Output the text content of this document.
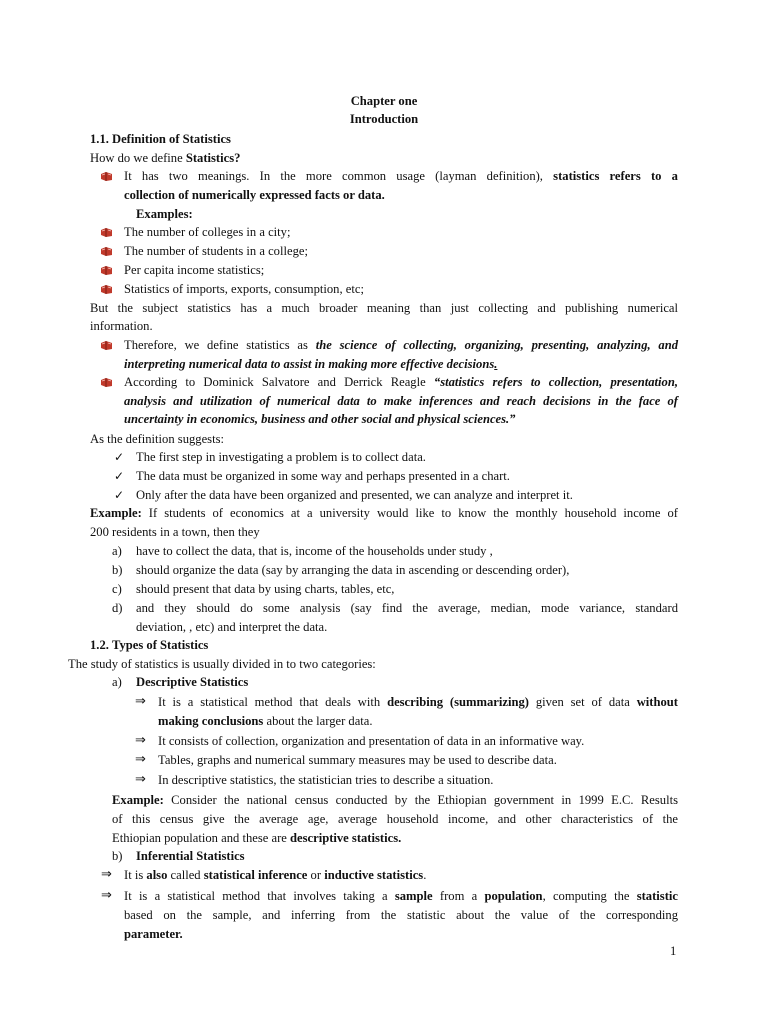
Chapter one
Introduction
1.1. Definition of Statistics
How do we define Statistics?
It has two meanings. In the more common usage (layman definition), statistics refers to a
collection of numerically expressed facts or data.
Examples:
The number of colleges in a city;
The number of students in a college;
Per capita income statistics;
Statistics of imports, exports, consumption, etc;
But the subject statistics has a much broader meaning than just collecting and publishing numerical
information.
Therefore, we define statistics as the science of collecting, organizing, presenting, analyzing, and
interpreting numerical data to assist in making more effective decisions.
According to Dominick Salvatore and Derrick Reagle “statistics refers to collection, presentation,
analysis and utilization of numerical data to make inferences and reach decisions in the face of
uncertainty in economics, business and other social and physical sciences.”
As the definition suggests:
✓ The first step in investigating a problem is to collect data.
✓ The data must be organized in some way and perhaps presented in a chart.
✓ Only after the data have been organized and presented, we can analyze and interpret it.
Example: If students of economics at a university would like to know the monthly household income of
200 residents in a town, then they
a) have to collect the data, that is, income of the households under study ,
b) should organize the data (say by arranging the data in ascending or descending order),
c) should present that data by using charts, tables, etc,
d) and they should do some analysis (say find the average, median, mode variance, standard
deviation, , etc) and interpret the data.
1.2. Types of Statistics
The study of statistics is usually divided in to two categories:
a) Descriptive Statistics
⇒ It is a statistical method that deals with describing (summarizing) given set of data without
making conclusions about the larger data.
⇒ It consists of collection, organization and presentation of data in an informative way.
⇒ Tables, graphs and numerical summary measures may be used to describe data.
⇒ In descriptive statistics, the statistician tries to describe a situation.
Example: Consider the national census conducted by the Ethiopian government in 1999 E.C. Results
of this census give the average age, average household income, and other characteristics of the
Ethiopian population and these are descriptive statistics.
b) Inferential Statistics
⇒ It is also called statistical inference or inductive statistics.
⇒ It is a statistical method that involves taking a sample from a population, computing the statistic
based on the sample, and inferring from the statistic about the value of the corresponding
parameter.
1
